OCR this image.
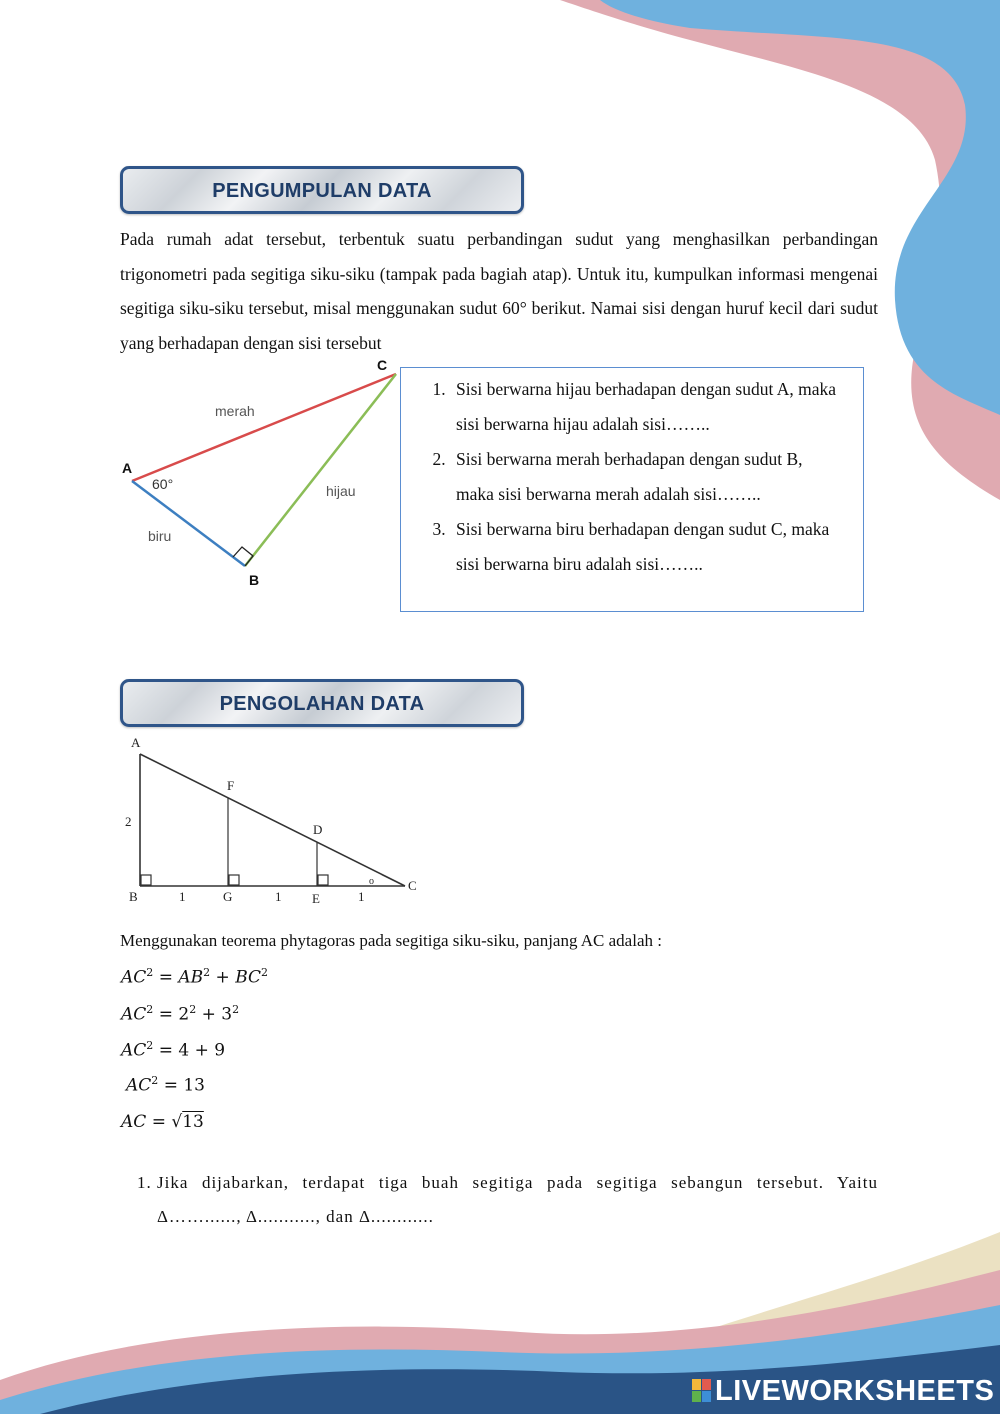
PENGUMPULAN DATA
Pada rumah adat tersebut, terbentuk suatu perbandingan sudut yang menghasilkan perbandingan trigonometri pada segitiga siku-siku (tampak pada bagiah atap). Untuk itu, kumpulkan informasi mengenai segitiga siku-siku tersebut, misal menggunakan sudut 60° berikut. Namai sisi dengan huruf kecil dari sudut yang berhadapan dengan sisi tersebut
C
A
B
merah
hijau
biru
60°
1. Sisi berwarna hijau berhadapan dengan sudut A, maka sisi berwarna hijau adalah sisi……..
2. Sisi berwarna merah berhadapan dengan sudut B, maka sisi berwarna merah adalah sisi……..
3. Sisi berwarna biru berhadapan dengan sudut C, maka sisi berwarna biru adalah sisi……..
PENGOLAHAN DATA
A
F
D
C
B	G	E
2
1	1	1
o
Menggunakan teorema phytagoras pada segitiga siku-siku, panjang AC adalah :
$AC^2 = AB^2 + BC^2$
$AC^2 = 2^2 + 3^2$
$AC^2 = 4 + 9$
$AC^2 = 13$
AC = √13
1. Jika dijabarkan, terdapat tiga buah segitiga pada segitiga sebangun tersebut. Yaitu Δ……......, Δ..........., dan Δ............
LIVEWORKSHEETS
